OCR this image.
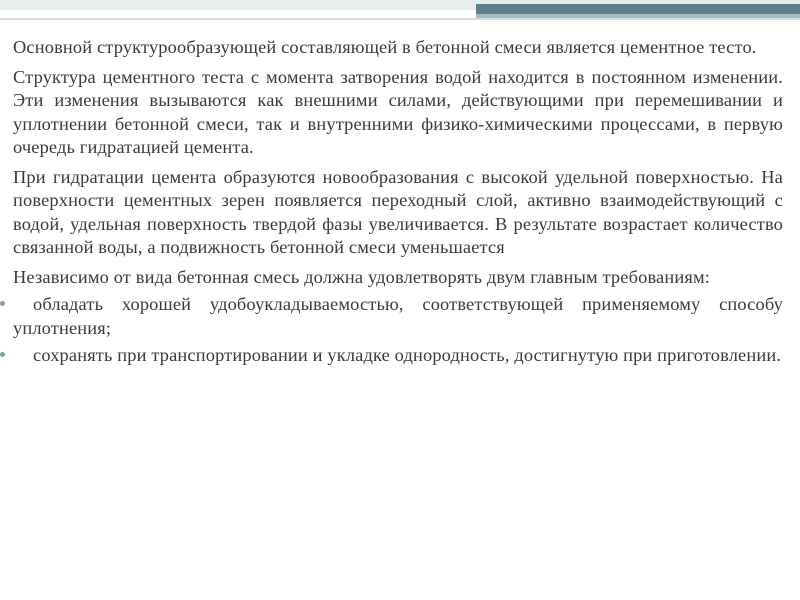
Основной структурообразующей составляющей в бетонной смеси является цементное тесто.

Структура цементного теста с момента затворения водой находится в постоянном изменении. Эти изменения вызываются как внешними силами, действующими при перемешивании и уплотнении бетонной смеси, так и внутренними физико-химическими процессами, в первую очередь гидратацией цемента.

При гидратации цемента образуются новообразования с высокой удельной поверхностью. На поверхности цементных зерен появляется переходный слой, активно взаимодействующий с водой, удельная поверхность твердой фазы увеличивается. В результате возрастает количество связанной воды, а подвижность бетонной смеси уменьшается

Независимо от вида бетонная смесь должна удовлетворять двум главным требованиям:

обладать хорошей удобоукладываемостью, соответствующей применяемому способу уплотнения;
сохранять при транспортировании и укладке однородность, достигнутую при приготовлении.
